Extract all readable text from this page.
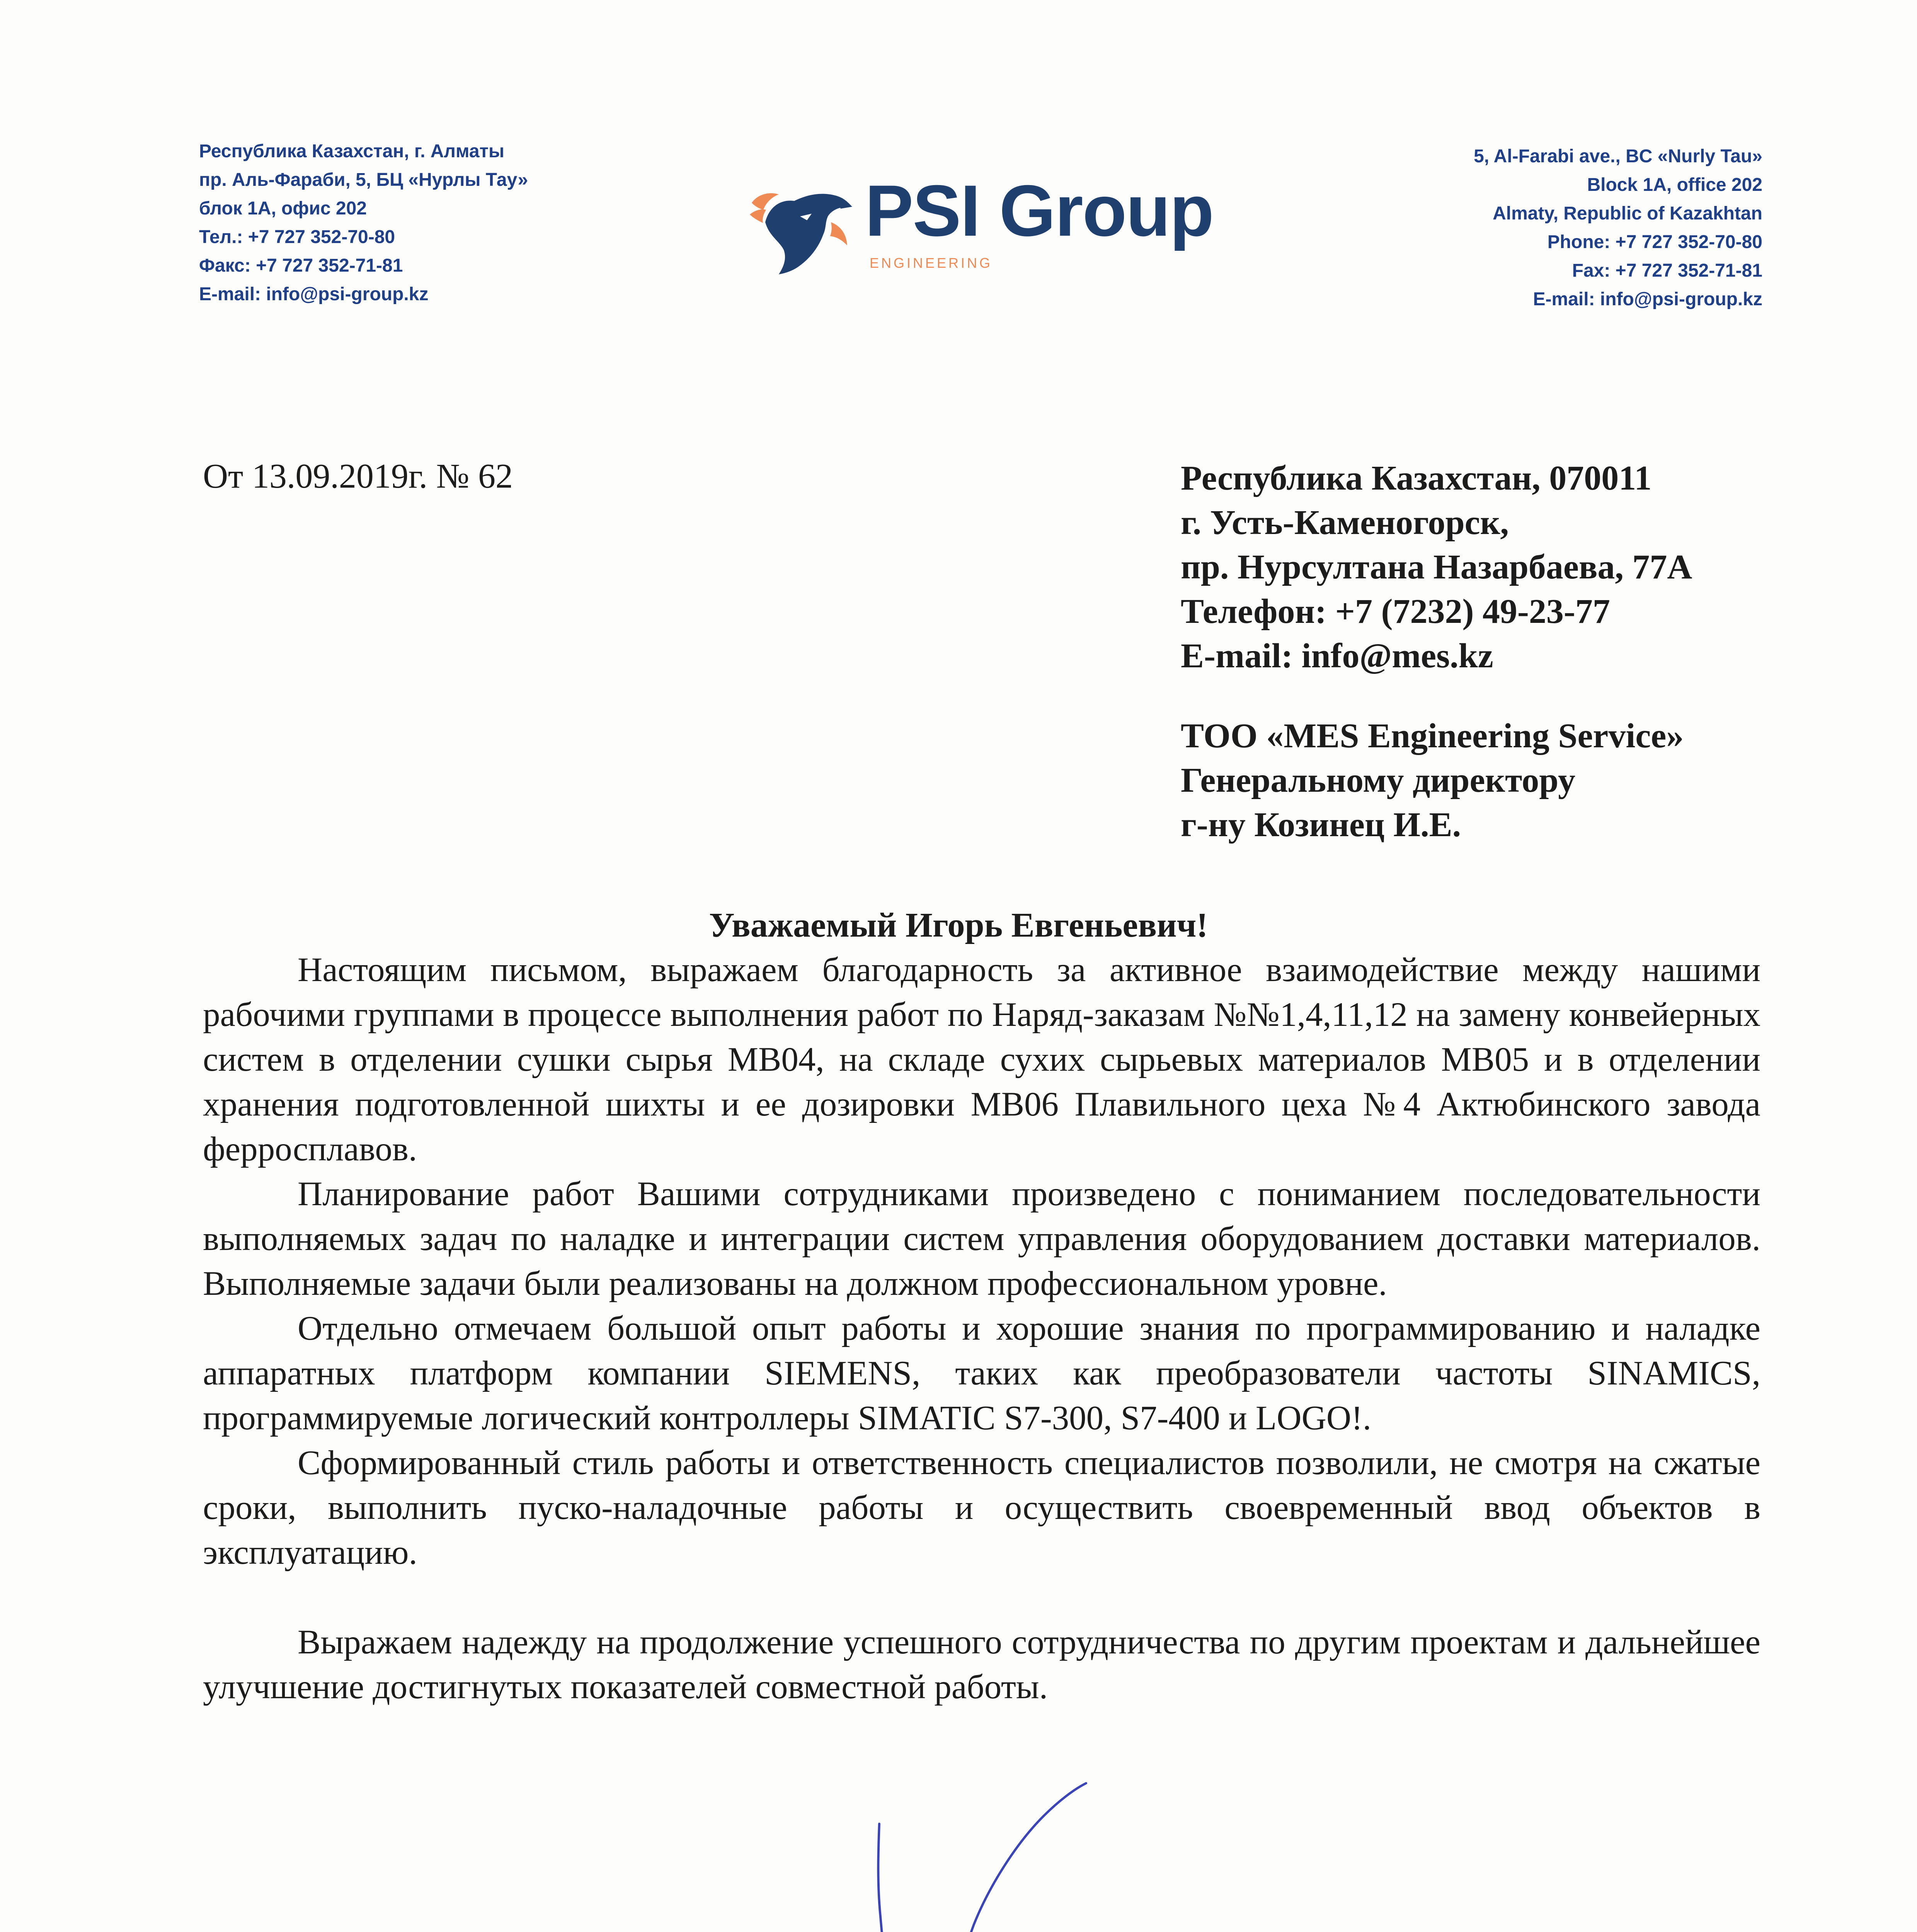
Республика Казахстан, г. Алматы
пр. Аль-Фараби, 5, БЦ «Нурлы Тау»
блок 1А, офис 202
Тел.: +7 727 352-70-80
Факс: +7 727 352-71-81
E-mail: info@psi-group.kz
PSI Group
ENGINEERING
5, Al-Farabi ave., BC «Nurly Tau»
Block 1A, office 202
Almaty, Republic of Kazakhtan
Phone: +7 727 352-70-80
Fax: +7 727 352-71-81
E-mail: info@psi-group.kz
От 13.09.2019г. № 62	Республика Казахстан, 070011
г. Усть-Каменогорск,
пр. Нурсултана Назарбаева, 77А
Телефон: +7 (7232) 49-23-77
E-mail: info@mes.kz
ТОО «MES Engineering Service»
Генеральному директору
г-ну Козинец И.Е.
Уважаемый Игорь Евгеньевич!

Настоящим письмом, выражаем благодарность за активное взаимодействие между нашими рабочими группами в процессе выполнения работ по Наряд-заказам №№1,4,11,12 на замену конвейерных систем в отделении сушки сырья MB04, на складе сухих сырьевых материалов MB05 и в отделении хранения подготовленной шихты и ее дозировки MB06 Плавильного цеха №4 Актюбинского завода ферросплавов.

Планирование работ Вашими сотрудниками произведено с пониманием последовательности выполняемых задач по наладке и интеграции систем управления оборудованием доставки материалов. Выполняемые задачи были реализованы на должном профессиональном уровне.

Отдельно отмечаем большой опыт работы и хорошие знания по программированию и наладке аппаратных платформ компании SIEMENS, таких как преобразователи частоты SINAMICS, программируемые логический контроллеры SIMATIC S7-300, S7-400 и LOGO!.

Сформированный стиль работы и ответственность специалистов позволили, не смотря на сжатые сроки, выполнить пуско-наладочные работы и осуществить своевременный ввод объектов в эксплуатацию.

Выражаем надежду на продолжение успешного сотрудничества по другим проектам и дальнейшее улучшение достигнутых показателей совместной работы.
